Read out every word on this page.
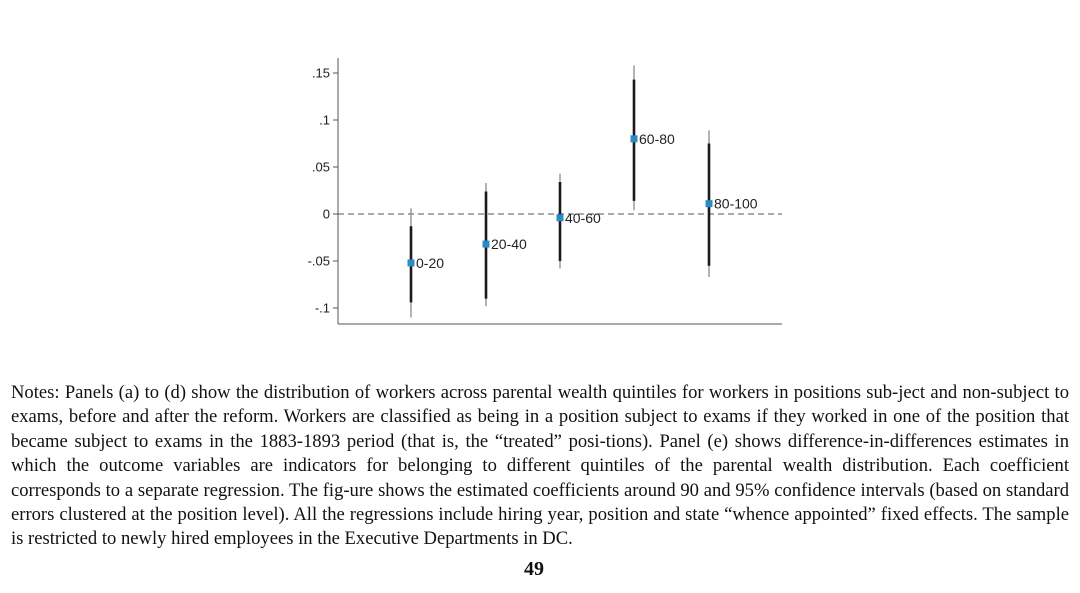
.15
.1
.05
0
-.05
-.1
0-20
20-40
40-60
60-80
80-100

Notes: Panels (a) to (d) show the distribution of workers across parental wealth quintiles for workers in positions sub-ject and non-subject to exams, before and after the reform. Workers are classified as being in a position subject to exams if they worked in one of the position that became subject to exams in the 1883-1893 period (that is, the “treated” posi-tions). Panel (e) shows difference-in-differences estimates in which the outcome variables are indicators for belonging to different quintiles of the parental wealth distribution. Each coefficient corresponds to a separate regression. The fig-ure shows the estimated coefficients around 90 and 95% confidence intervals (based on standard errors clustered at the position level). All the regressions include hiring year, position and state “whence appointed” fixed effects. The sample is restricted to newly hired employees in the Executive Departments in DC.

49
